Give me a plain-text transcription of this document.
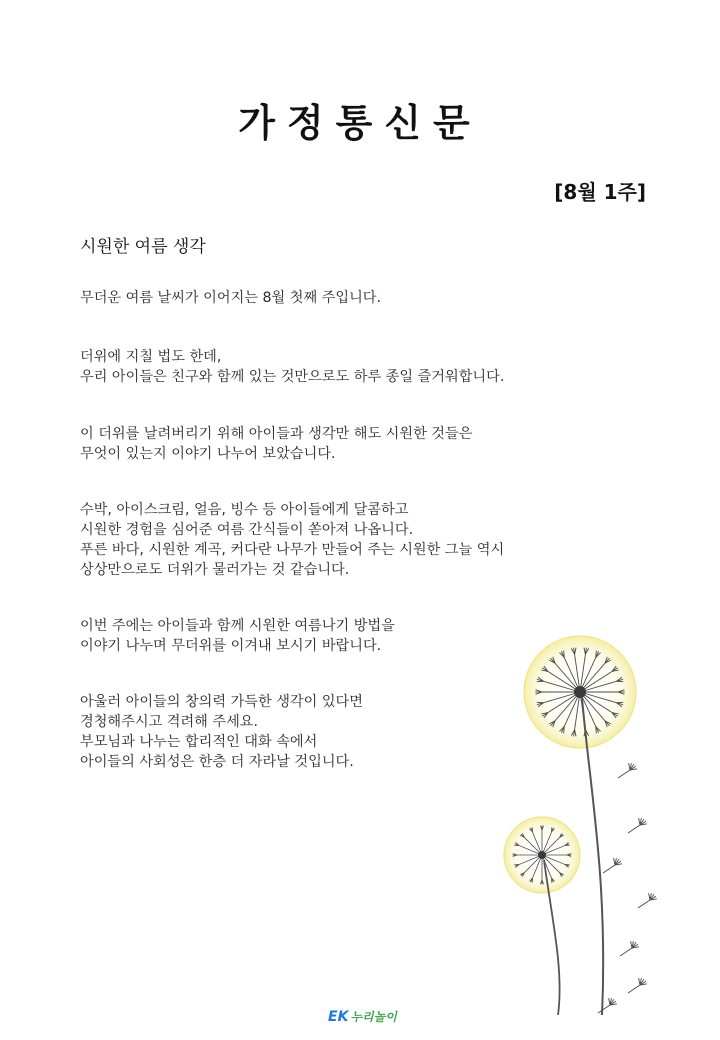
가정통신문
[8월 1주]
시원한 여름 생각

무더운 여름 날씨가 이어지는 8월 첫째 주입니다.

더위에 지칠 법도 한데,
우리 아이들은 친구와 함께 있는 것만으로도 하루 종일 즐거워합니다.

이 더위를 날려버리기 위해 아이들과 생각만 해도 시원한 것들은
무엇이 있는지 이야기 나누어 보았습니다.

수박, 아이스크림, 얼음, 빙수 등 아이들에게 달콤하고
시원한 경험을 심어준 여름 간식들이 쏟아져 나옵니다.
푸른 바다, 시원한 계곡, 커다란 나무가 만들어 주는 시원한 그늘 역시
상상만으로도 더위가 물러가는 것 같습니다.

이번 주에는 아이들과 함께 시원한 여름나기 방법을
이야기 나누며 무더위를 이겨내 보시기 바랍니다.

아울러 아이들의 창의력 가득한 생각이 있다면
경청해주시고 격려해 주세요.
부모님과 나누는 합리적인 대화 속에서
아이들의 사회성은 한층 더 자라날 것입니다.

EK 누리놀이
